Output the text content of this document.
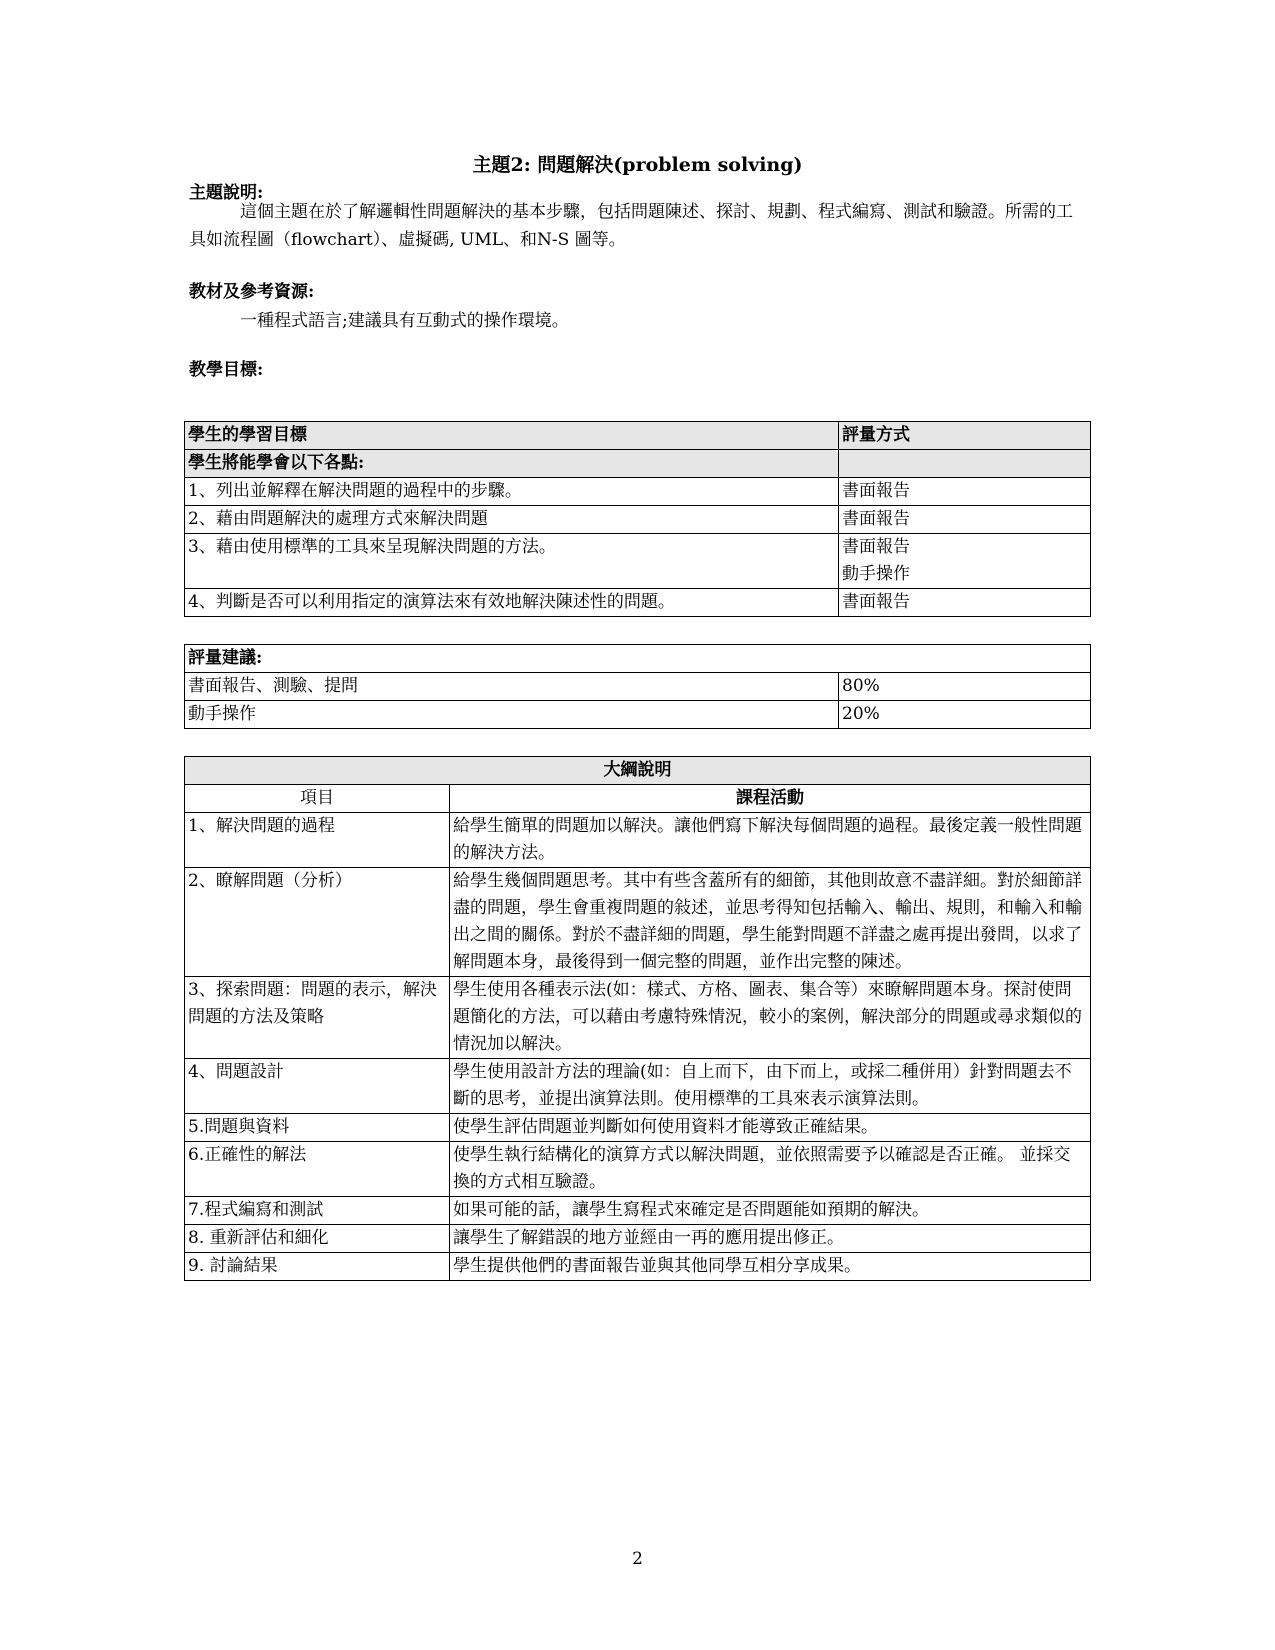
主題2: 問題解決(problem solving)
主題說明:
這個主題在於了解邏輯性問題解決的基本步驟，包括問題陳述、探討、規劃、程式編寫、測試和驗證。所需的工具如流程圖（flowchart）、虛擬碼, UML、和N-S 圖等。
教材及參考資源:
一種程式語言;建議具有互動式的操作環境。
教學目標:
學生的學習目標	評量方式
學生將能學會以下各點:	
1、列出並解釋在解決問題的過程中的步驟。	書面報告

2、藉由問題解決的處理方式來解決問題	書面報告

3、藉由使用標準的工具來呈現解決問題的方法。	書面報告
動手操作

4、判斷是否可以利用指定的演算法來有效地解決陳述性的問題。	書面報告
評量建議:	
書面報告、測驗、提問	80%
動手操作	20%
大綱說明	
項目	課程活動
1、解決問題的過程	給學生簡單的問題加以解決。讓他們寫下解決每個問題的過程。最後定義一般性問題的解決方法。
2、瞭解問題（分析）	給學生幾個問題思考。其中有些含蓋所有的細節，其他則故意不盡詳細。對於細節詳盡的問題，學生會重複問題的敍述，並思考得知包括輸入、輸出、規則，和輸入和輸出之間的關係。對於不盡詳細的問題，學生能對問題不詳盡之處再提出發問，以求了解問題本身，最後得到一個完整的問題，並作出完整的陳述。
3、探索問題：問題的表示，解決問題的方法及策略	學生使用各種表示法(如：樣式、方格、圖表、集合等）來瞭解問題本身。探討使問題簡化的方法，可以藉由考慮特殊情況，較小的案例，解決部分的問題或尋求類似的情況加以解決。
4、問題設計	學生使用設計方法的理論(如：自上而下，由下而上，或採二種併用）針對問題去不斷的思考，並提出演算法則。使用標準的工具來表示演算法則。
5.問題與資料	使學生評估問題並判斷如何使用資料才能導致正確結果。
6.正確性的解法	使學生執行結構化的演算方式以解決問題，並依照需要予以確認是否正確。 並採交換的方式相互驗證。
7.程式編寫和測試	如果可能的話，讓學生寫程式來確定是否問題能如預期的解決。
8. 重新評估和細化	讓學生了解錯誤的地方並經由一再的應用提出修正。
9. 討論結果	學生提供他們的書面報告並與其他同學互相分享成果。
2
